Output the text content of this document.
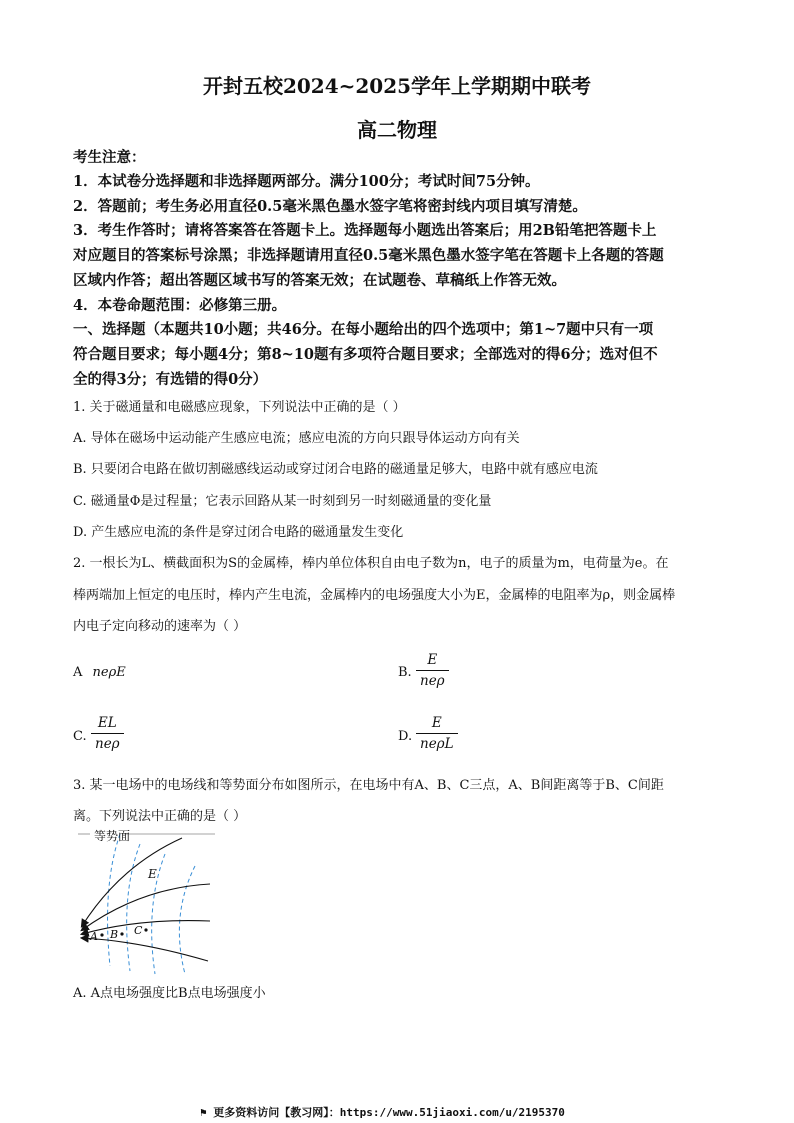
开封五校2024~2025学年上学期期中联考
高二物理
考生注意：
1．本试卷分选择题和非选择题两部分。满分100分；考试时间75分钟。
2．答题前；考生务必用直径0.5毫米黑色墨水签字笔将密封线内项目填写清楚。
3．考生作答时；请将答案答在答题卡上。选择题每小题选出答案后；用2B铅笔把答题卡上
对应题目的答案标号涂黑；非选择题请用直径0.5毫米黑色墨水签字笔在答题卡上各题的答题
区域内作答；超出答题区域书写的答案无效；在试题卷、草稿纸上作答无效。
4．本卷命题范围：必修第三册。
一、选择题（本题共10小题；共46分。在每小题给出的四个选项中；第1~7题中只有一项
符合题目要求；每小题4分；第8~10题有多项符合题目要求；全部选对的得6分；选对但不
全的得3分；有选错的得0分）
1. 关于磁通量和电磁感应现象，下列说法中正确的是（ ）
A. 导体在磁场中运动能产生感应电流；感应电流的方向只跟导体运动方向有关
B. 只要闭合电路在做切割磁感线运动或穿过闭合电路的磁通量足够大，电路中就有感应电流
C. 磁通量Φ是过程量；它表示回路从某一时刻到另一时刻磁通量的变化量
D. 产生感应电流的条件是穿过闭合电路的磁通量发生变化
2. 一根长为L、横截面积为S的金属棒，棒内单位体积自由电子数为n，电子的质量为m，电荷量为e。在
棒两端加上恒定的电压时，棒内产生电流，金属棒内的电场强度大小为E，金属棒的电阻率为ρ，则金属棒
内电子定向移动的速率为（ ）
A neρE	B.
E
neρ
C.
EL
neρ	D.
E
neρL
3. 某一电场中的电场线和等势面分布如图所示，在电场中有A、B、C三点，A、B间距离等于B、C间距
离。下列说法中正确的是（ ）
等势面
E
A B C
A. A点电场强度比B点电场强度小
⚑ 更多资料访问【教习网】：https://www.51jiaoxi.com/u/2195370
